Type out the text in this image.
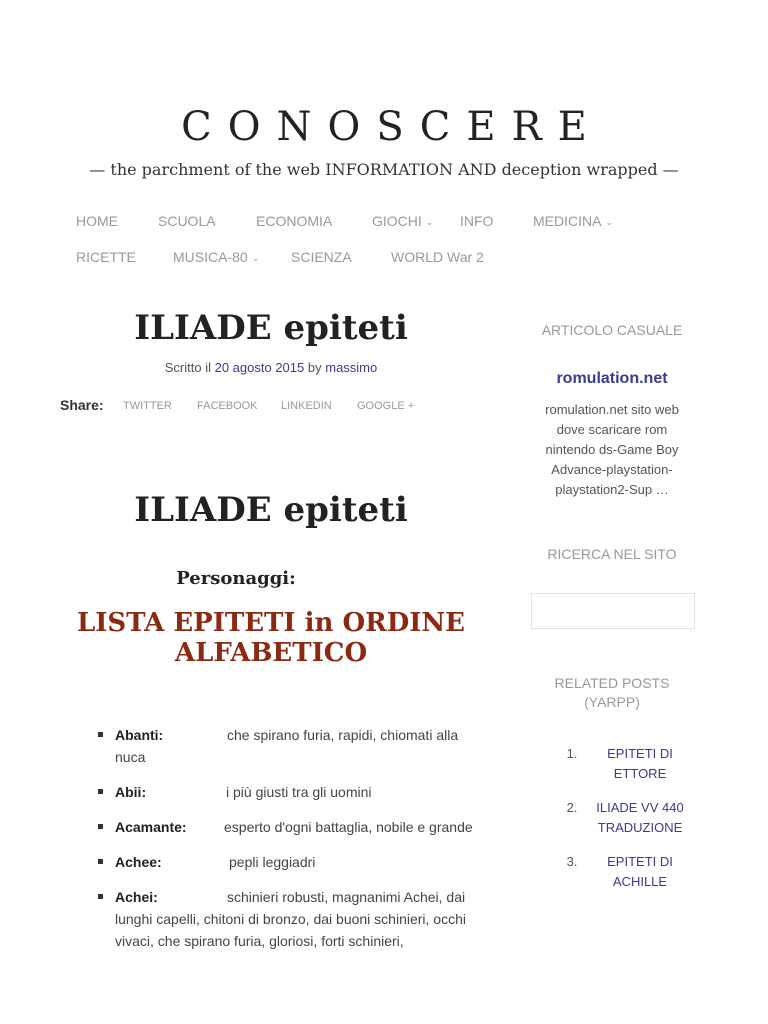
CONOSCERE
— the parchment of the web INFORMATION AND deception wrapped —
HOME	SCUOLA	ECONOMIA	GIOCHI ⌄ INFO	MEDICINA ⌄
RICETTE	MUSICA-80 ⌄ SCIENZA	WORLD War 2
ILIADE epiteti
Scritto il 20 agosto 2015 by massimo
Share: TWITTER FACEBOOK LINKEDIN GOOGLE +
ILIADE epiteti
Personaggi:
LISTA EPITETI in ORDINE ALFABETICO
Abanti:	che spirano furia, rapidi, chiomati alla nuca
Abii:	i più giusti tra gli uomini
Acamante:	esperto d'ogni battaglia, nobile e grande
Achee:	pepli leggiadri
Achei:	schinieri robusti, magnanimi Achei, dai lunghi capelli, chitoni di bronzo, dai buoni schinieri, occhi vivaci, che spirano furia, gloriosi, forti schinieri,
ARTICOLO CASUALE
romulation.net
romulation.net sito web dove scaricare rom nintendo ds-Game Boy Advance-playstation-playstation2-Sup …
RICERCA NEL SITO
RELATED POSTS (YARPP)
1.	EPITETI DI ETTORE
2.	ILIADE VV 440 TRADUZIONE
3.	EPITETI DI ACHILLE
